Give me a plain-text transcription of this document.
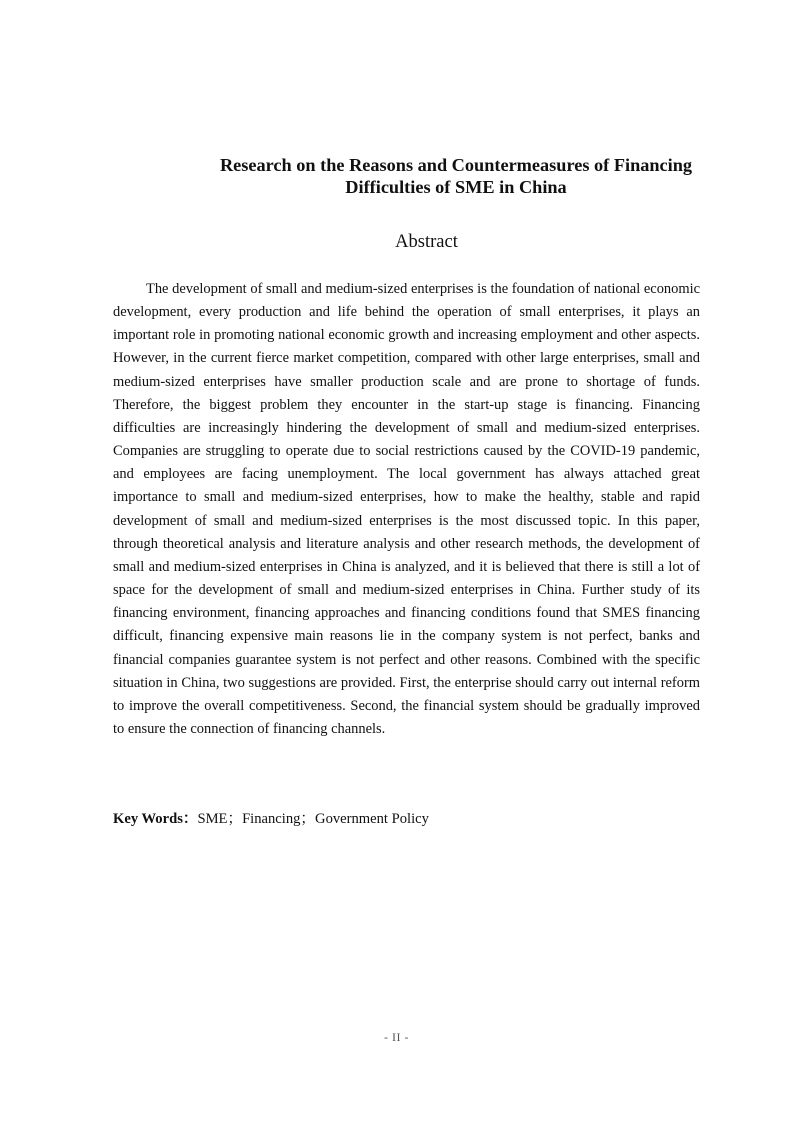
Research on the Reasons and Countermeasures of Financing
Difficulties of SME in China
Abstract

The development of small and medium-sized enterprises is the foundation of national economic development, every production and life behind the operation of small enterprises, it plays an important role in promoting national economic growth and increasing employment and other aspects. However, in the current fierce market competition, compared with other large enterprises, small and medium-sized enterprises have smaller production scale and are prone to shortage of funds. Therefore, the biggest problem they encounter in the start-up stage is financing. Financing difficulties are increasingly hindering the development of small and medium-sized enterprises. Companies are struggling to operate due to social restrictions caused by the COVID-19 pandemic, and employees are facing unemployment. The local government has always attached great importance to small and medium-sized enterprises, how to make the healthy, stable and rapid development of small and medium-sized enterprises is the most discussed topic. In this paper, through theoretical analysis and literature analysis and other research methods, the development of small and medium-sized enterprises in China is analyzed, and it is believed that there is still a lot of space for the development of small and medium-sized enterprises in China. Further study of its financing environment, financing approaches and financing conditions found that SMES financing difficult, financing expensive main reasons lie in the company system is not perfect, banks and financial companies guarantee system is not perfect and other reasons. Combined with the specific situation in China, two suggestions are provided. First, the enterprise should carry out internal reform to improve the overall competitiveness. Second, the financial system should be gradually improved to ensure the connection of financing channels.

Key Words：SME；Financing；Government Policy

- II -
